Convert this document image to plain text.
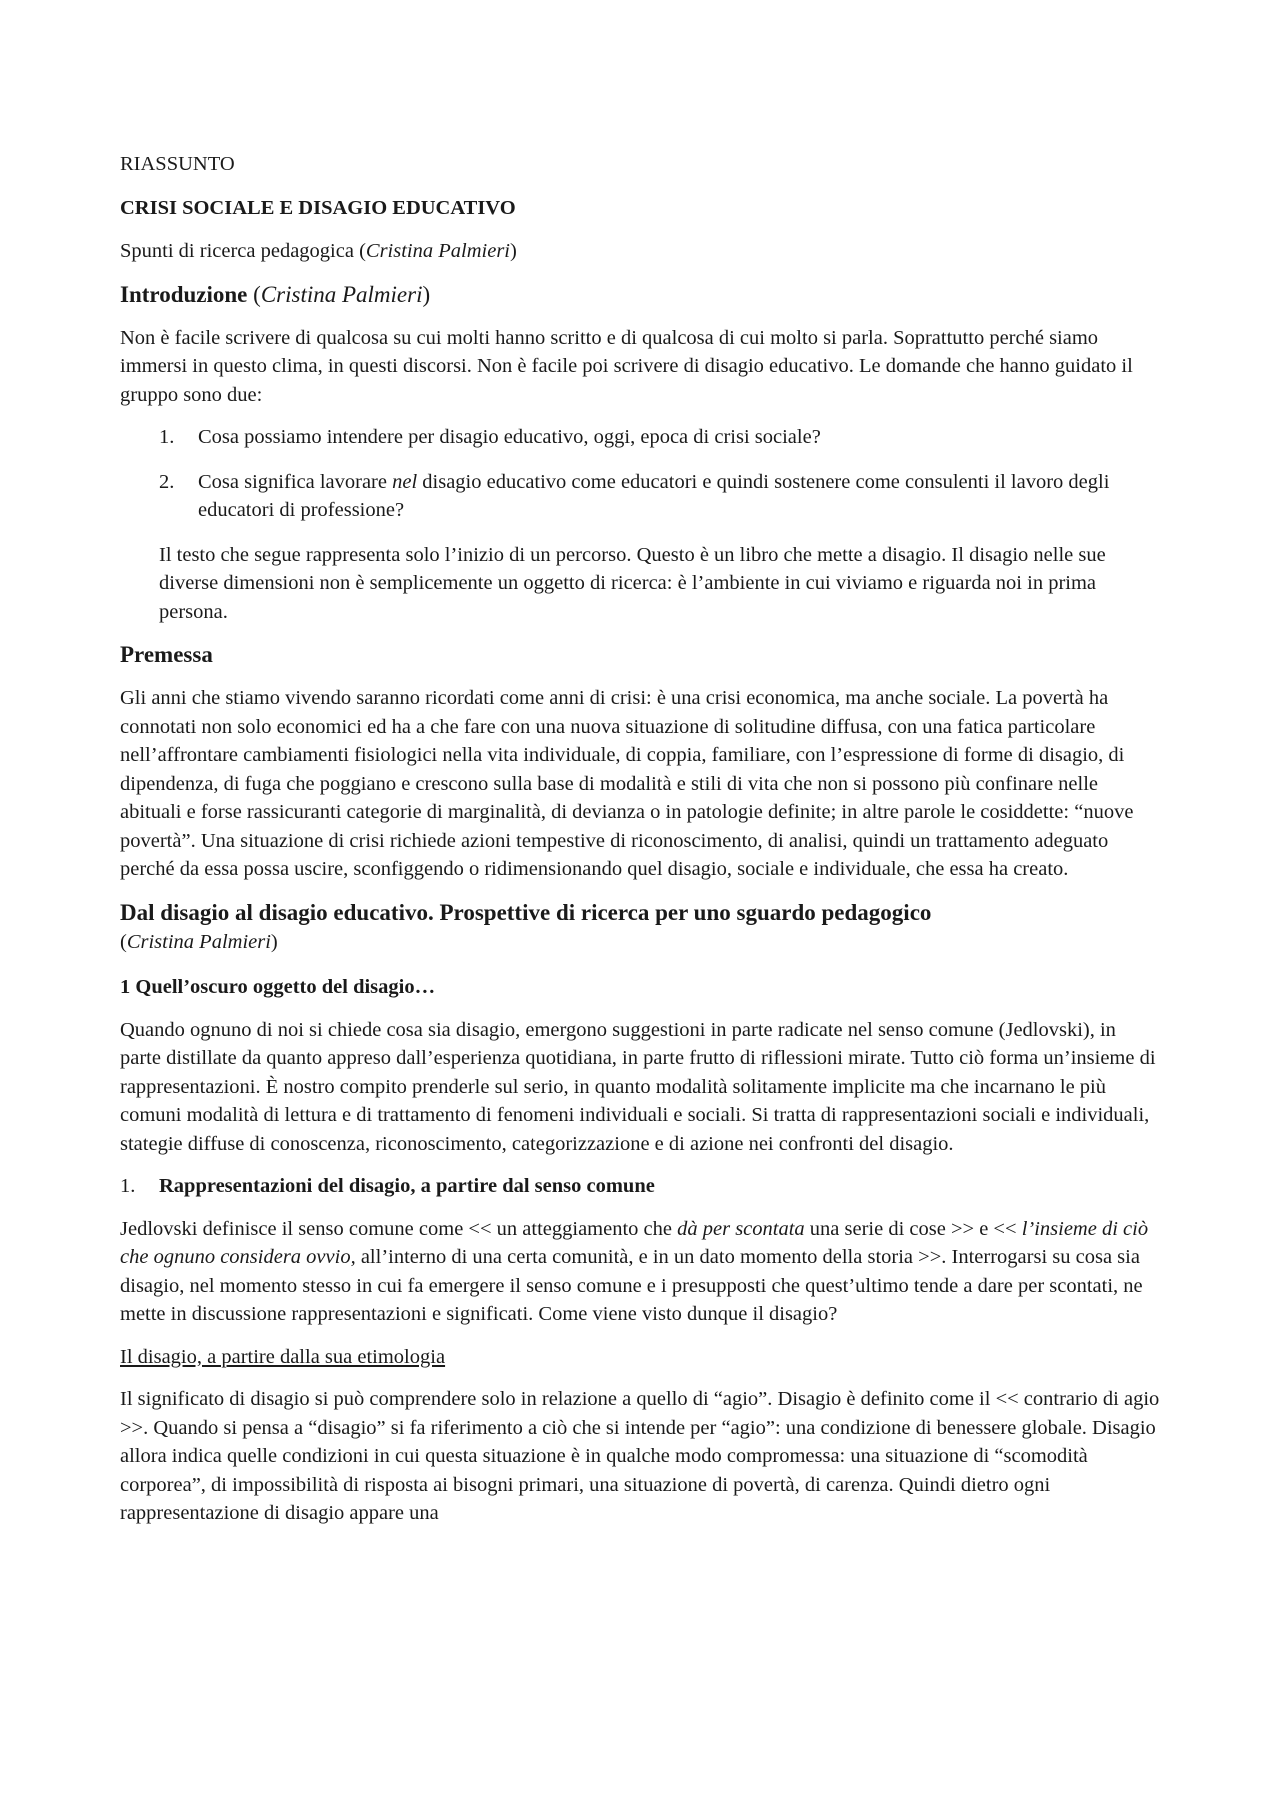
RIASSUNTO

CRISI SOCIALE E DISAGIO EDUCATIVO

Spunti di ricerca pedagogica (Cristina Palmieri)

Introduzione (Cristina Palmieri)

Non è facile scrivere di qualcosa su cui molti hanno scritto e di qualcosa di cui molto si parla. Soprattutto perché siamo immersi in questo clima, in questi discorsi. Non è facile poi scrivere di disagio educativo. Le domande che hanno guidato il gruppo sono due:

1. Cosa possiamo intendere per disagio educativo, oggi, epoca di crisi sociale?
2. Cosa significa lavorare nel disagio educativo come educatori e quindi sostenere come consulenti il lavoro degli educatori di professione?

Il testo che segue rappresenta solo l’inizio di un percorso. Questo è un libro che mette a disagio. Il disagio nelle sue diverse dimensioni non è semplicemente un oggetto di ricerca: è l’ambiente in cui viviamo e riguarda noi in prima persona.

Premessa

Gli anni che stiamo vivendo saranno ricordati come anni di crisi: è una crisi economica, ma anche sociale. La povertà ha connotati non solo economici ed ha a che fare con una nuova situazione di solitudine diffusa, con una fatica particolare nell’affrontare cambiamenti fisiologici nella vita individuale, di coppia, familiare, con l’espressione di forme di disagio, di dipendenza, di fuga che poggiano e crescono sulla base di modalità e stili di vita che non si possono più confinare nelle abituali e forse rassicuranti categorie di marginalità, di devianza o in patologie definite; in altre parole le cosiddette: “nuove povertà”. Una situazione di crisi richiede azioni tempestive di riconoscimento, di analisi, quindi un trattamento adeguato perché da essa possa uscire, sconfiggendo o ridimensionando quel disagio, sociale e individuale, che essa ha creato.

Dal disagio al disagio educativo. Prospettive di ricerca per uno sguardo pedagogico

(Cristina Palmieri)

1 Quell’oscuro oggetto del disagio…

Quando ognuno di noi si chiede cosa sia disagio, emergono suggestioni in parte radicate nel senso comune (Jedlovski), in parte distillate da quanto appreso dall’esperienza quotidiana, in parte frutto di riflessioni mirate. Tutto ciò forma un’insieme di rappresentazioni. È nostro compito prenderle sul serio, in quanto modalità solitamente implicite ma che incarnano le più comuni modalità di lettura e di trattamento di fenomeni individuali e sociali. Si tratta di rappresentazioni sociali e individuali, stategie diffuse di conoscenza, riconoscimento, categorizzazione e di azione nei confronti del disagio.

1. Rappresentazioni del disagio, a partire dal senso comune

Jedlovski definisce il senso comune come << un atteggiamento che dà per scontata una serie di cose >> e << l’insieme di ciò che ognuno considera ovvio, all’interno di una certa comunità, e in un dato momento della storia >>. Interrogarsi su cosa sia disagio, nel momento stesso in cui fa emergere il senso comune e i presupposti che quest’ultimo tende a dare per scontati, ne mette in discussione rappresentazioni e significati. Come viene visto dunque il disagio?

Il disagio, a partire dalla sua etimologia

Il significato di disagio si può comprendere solo in relazione a quello di “agio”. Disagio è definito come il << contrario di agio >>. Quando si pensa a “disagio” si fa riferimento a ciò che si intende per “agio”: una condizione di benessere globale. Disagio allora indica quelle condizioni in cui questa situazione è in qualche modo compromessa: una situazione di “scomodità corporea”, di impossibilità di risposta ai bisogni primari, una situazione di povertà, di carenza. Quindi dietro ogni rappresentazione di disagio appare una
